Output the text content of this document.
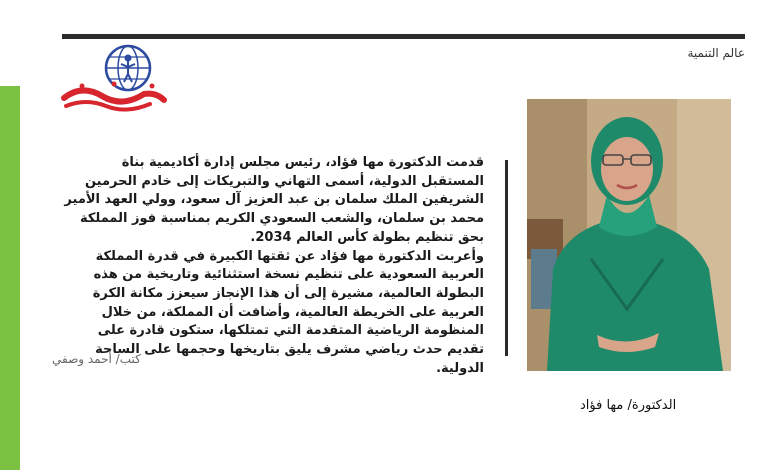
عالم التنمية

قدمت الدكتورة مها فؤاد، رئيس مجلس إدارة أكاديمية بناة المستقبل الدولية، أسمى التهاني والتبريكات إلى خادم الحرمين الشريفين الملك سلمان بن عبد العزيز آل سعود، وولي العهد الأمير محمد بن سلمان، والشعب السعودي الكريم بمناسبة فوز المملكة بحق تنظيم بطولة كأس العالم 2034.

وأعربت الدكتورة مها فؤاد عن ثقتها الكبيرة في قدرة المملكة العربية السعودية على تنظيم نسخة استثنائية وتاريخية من هذه البطولة العالمية، مشيرة إلى أن هذا الإنجاز سيعزز مكانة الكرة العربية على الخريطة العالمية، وأضافت أن المملكة، من خلال المنظومة الرياضية المتقدمة التي تمتلكها، ستكون قادرة على تقديم حدث رياضي مشرف يليق بتاريخها وحجمها على الساحة الدولية.

كتب/ أحمد وصفي
الدكتورة/ مها فؤاد
